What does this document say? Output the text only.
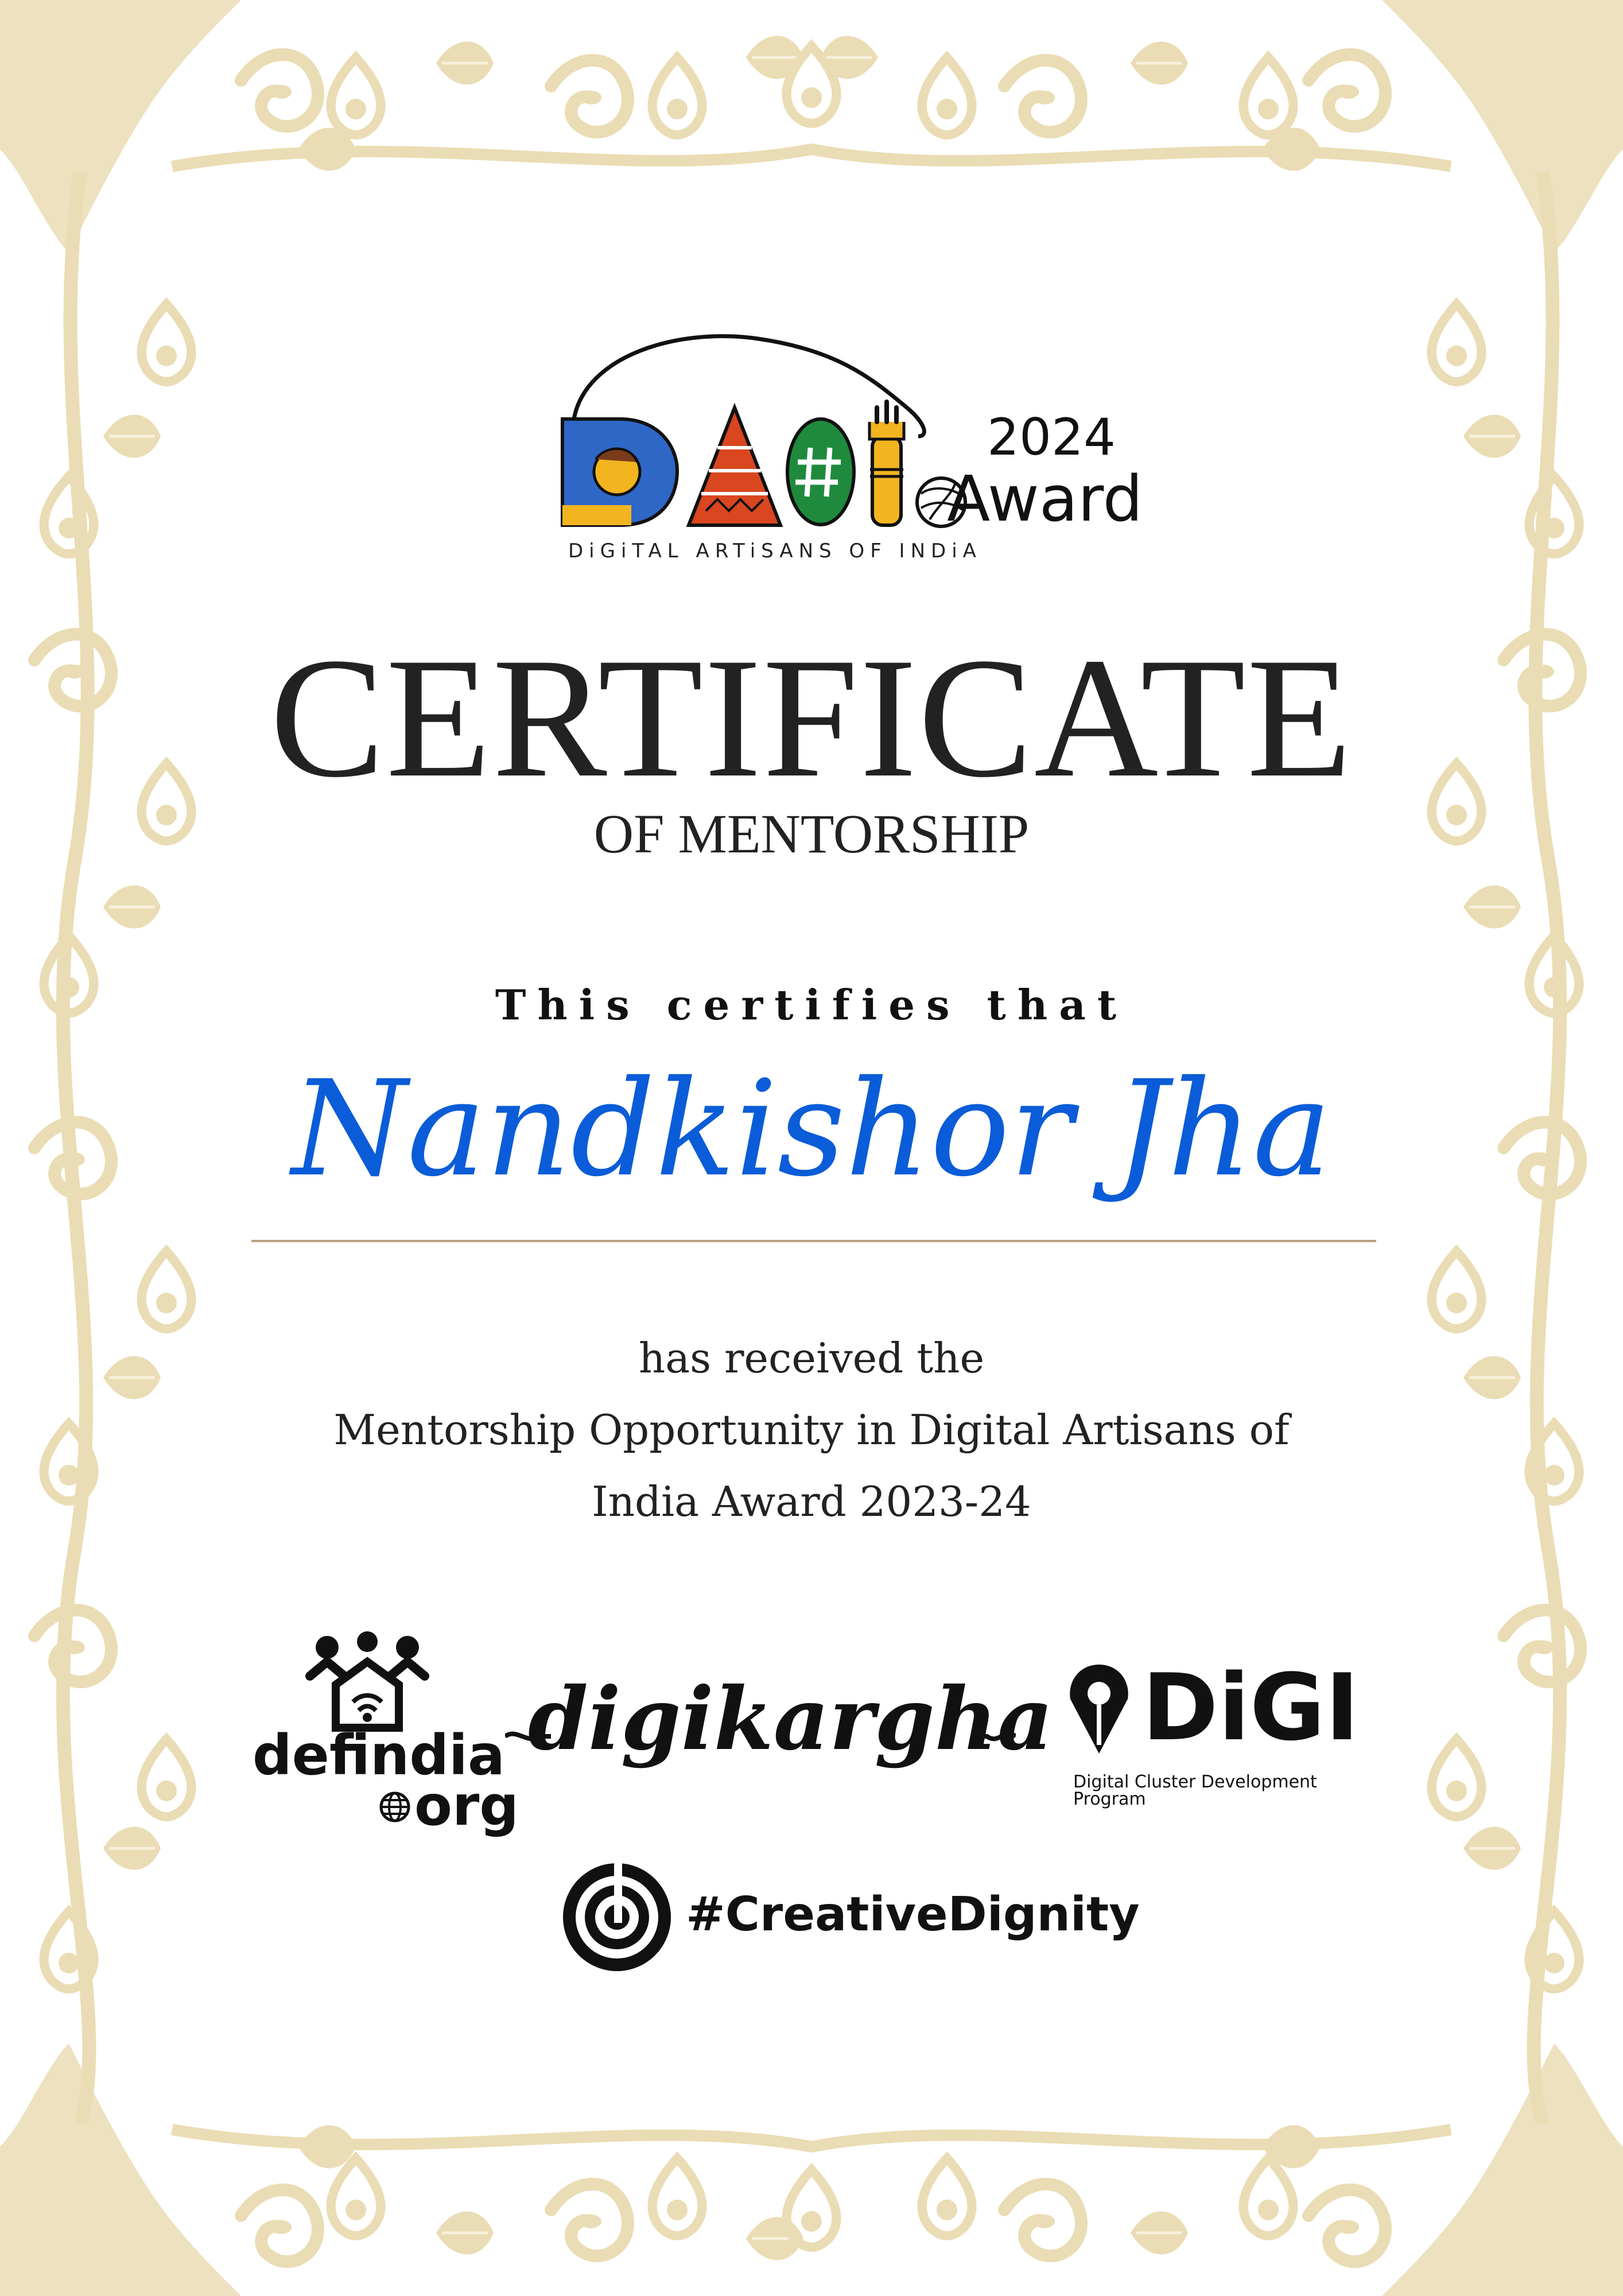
2024
Award
DiGiTAL ARTiSANS OF INDiA
CERTIFICATE
OF MENTORSHIP
This certifies that
Nandkishor Jha
has received the
Mentorship Opportunity in Digital Artisans of
India Award 2023-24
defindia
org
digikargha DiGI
Digital Cluster Development Program
#CreativeDignity
